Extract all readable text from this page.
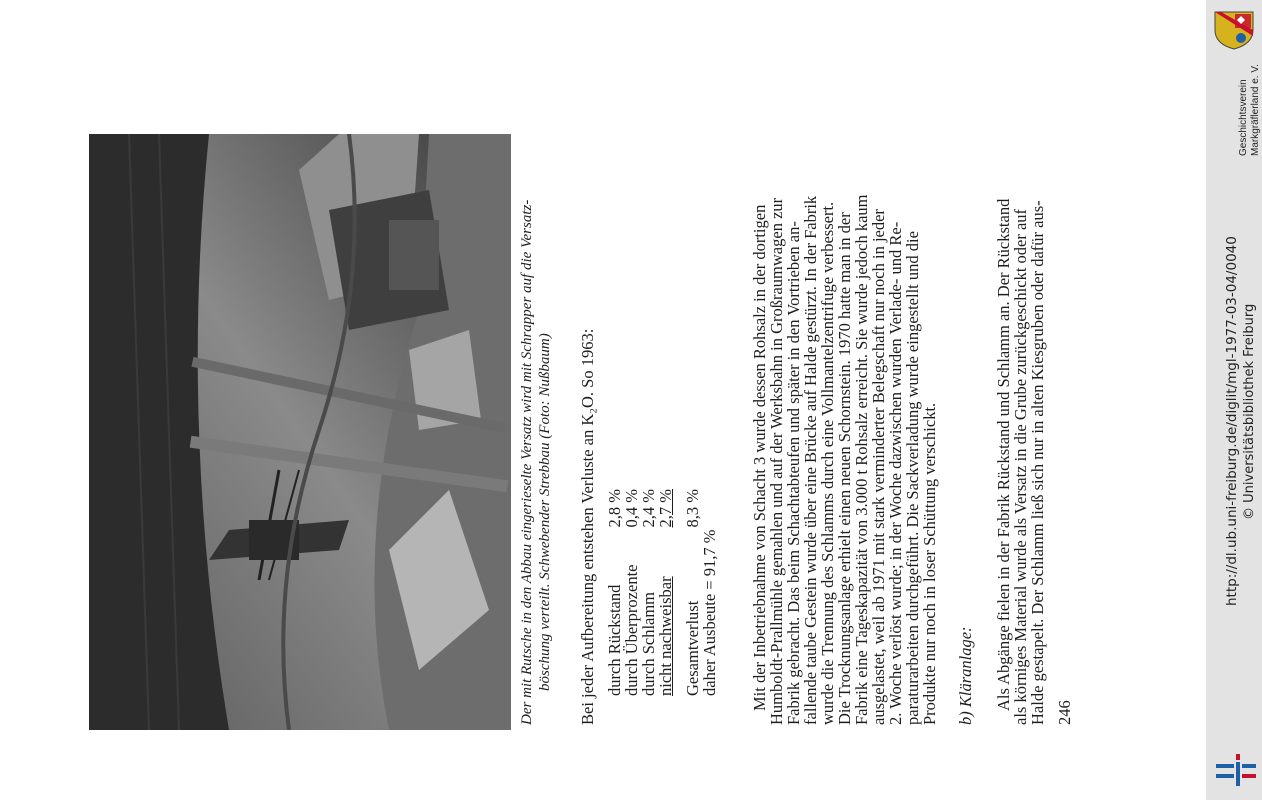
Geschichtsverein Markgräflerland e. V.
http://dl.ub.uni-freiburg.de/diglit/mgl-1977-03-04/0040 © Universitätsbibliothek Freiburg
Der mit Rutsche in den Abbau eingerieselte Versatz wird mit Schrapper auf die Versatz- böschung verteilt. Schwebender Strebbau (Foto: Nußbaum) Bei jeder Aufbereitung entstehen Verluste an K₂O. So 1963: durch Rückstand
2,8 %
durch Überprozente
0,4 %
durch Schlamm
2,4 %
nicht nachweisbar
2,7 %
Gesamtverlust
8,3 %
daher Ausbeute = 91,7 % Mit der Inbetriebnahme von Schacht 3 wurde dessen Rohsalz in der dortigen
Humboldt-Prallmühle gemahlen und auf der Werksbahn in Großraumwagen zur
Fabrik gebracht. Das beim Schachtabteufen und später in den Vortrieben an-
fallende taube Gestein wurde über eine Brücke auf Halde gestürzt. In der Fabrik
wurde die Trennung des Schlamms durch eine Vollmantelzentrifuge verbessert.
Die Trocknungsanlage erhielt einen neuen Schornstein. 1970 hatte man in der
Fabrik eine Tageskapazität von 3.000 t Rohsalz erreicht. Sie wurde jedoch kaum
ausgelastet, weil ab 1971 mit stark verminderter Belegschaft nur noch in jeder
2. Woche verlöst wurde; in der Woche dazwischen wurden Verlade- und Re-
paraturarbeiten durchgeführt. Die Sackverladung wurde eingestellt und die
Produkte nur noch in loser Schüttung verschickt. b) Kläranlage: Als Abgänge fielen in der Fabrik Rückstand und Schlamm an. Der Rückstand
als körniges Material wurde als Versatz in die Grube zurückgeschickt oder auf
Halde gestapelt. Der Schlamm ließ sich nur in alten Kiesgruben oder dafür aus- 246
